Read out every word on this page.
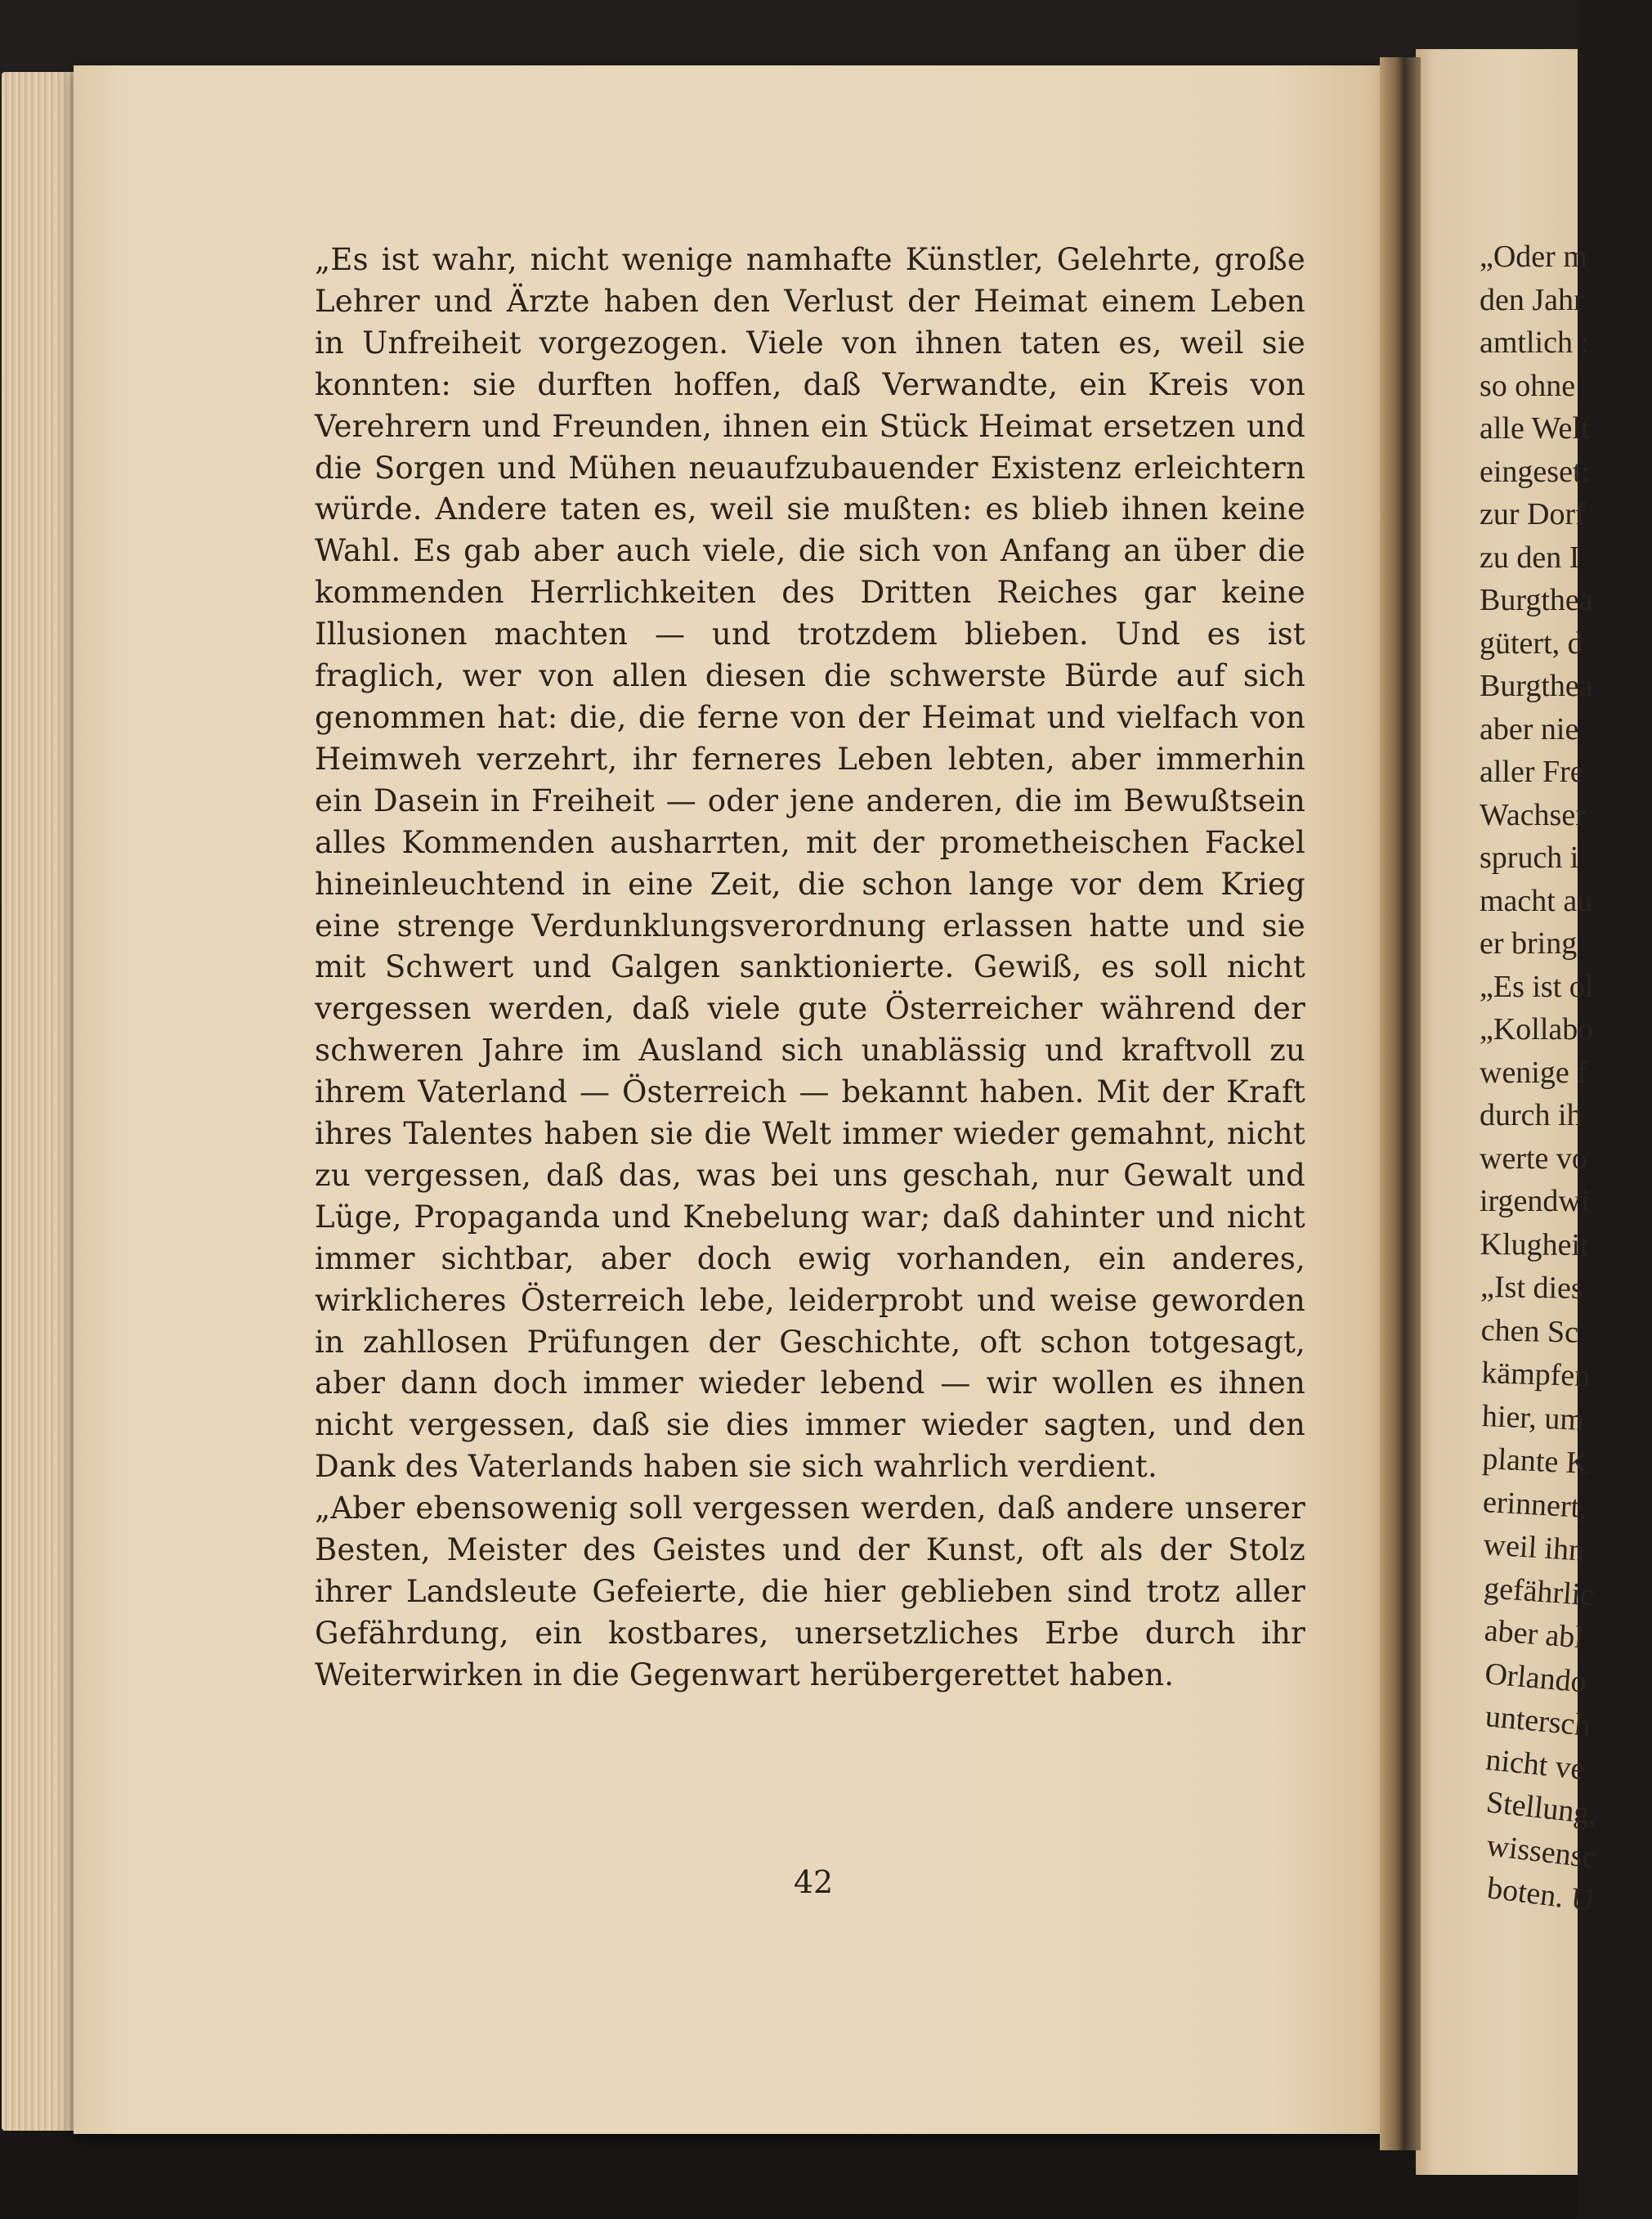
„Oder m
den Jahr
amtlich :
so ohne
alle Welt
eingeset:
zur Dorf
zu den I
Burgthea
gütert, d
Burgthea
aber nie
aller Fre
Wachser
spruch i
macht au
er bring
„Es ist ol
„Kollabo
wenige f
durch ih
werte vo
irgendwi
Klugheit
„Ist dies
chen Sc
kämpfen
hier, um
plante K
erinnert,
weil ihn
gefährlic
aber abl
Orlando
untersch
nicht ve
Stellung,
wissensc
boten. U

„Es ist wahr, nicht wenige namhafte Künstler, Gelehrte, große Lehrer und Ärzte haben den Verlust der Heimat einem Leben in Unfreiheit vorgezogen. Viele von ihnen taten es, weil sie konnten: sie durften hoffen, daß Verwandte, ein Kreis von Verehrern und Freunden, ihnen ein Stück Heimat ersetzen und die Sorgen und Mühen neuaufzubauender Existenz erleichtern würde. Andere taten es, weil sie mußten: es blieb ihnen keine Wahl. Es gab aber auch viele, die sich von Anfang an über die kommenden Herrlichkeiten des Dritten Reiches gar keine Illusionen machten — und trotzdem blieben. Und es ist fraglich, wer von allen diesen die schwerste Bürde auf sich genommen hat: die, die ferne von der Heimat und vielfach von Heimweh verzehrt, ihr ferneres Leben lebten, aber immerhin ein Dasein in Freiheit — oder jene anderen, die im Bewußtsein alles Kommenden ausharrten, mit der prometheischen Fackel hineinleuchtend in eine Zeit, die schon lange vor dem Krieg eine strenge Verdunklungsverordnung erlassen hatte und sie mit Schwert und Galgen sanktionierte. Gewiß, es soll nicht vergessen werden, daß viele gute Österreicher während der schweren Jahre im Ausland sich unablässig und kraftvoll zu ihrem Vaterland — Österreich — bekannt haben. Mit der Kraft ihres Talentes haben sie die Welt immer wieder gemahnt, nicht zu vergessen, daß das, was bei uns geschah, nur Gewalt und Lüge, Propaganda und Knebelung war; daß dahinter und nicht immer sichtbar, aber doch ewig vorhanden, ein anderes, wirklicheres Österreich lebe, leiderprobt und weise geworden in zahllosen Prüfungen der Geschichte, oft schon totgesagt, aber dann doch immer wieder lebend — wir wollen es ihnen nicht vergessen, daß sie dies immer wieder sagten, und den Dank des Vaterlands haben sie sich wahrlich verdient.

„Aber ebensowenig soll vergessen werden, daß andere unserer Besten, Meister des Geistes und der Kunst, oft als der Stolz ihrer Landsleute Gefeierte, die hier geblieben sind trotz aller Gefährdung, ein kostbares, unersetzliches Erbe durch ihr Weiterwirken in die Gegenwart herübergerettet haben.

42
